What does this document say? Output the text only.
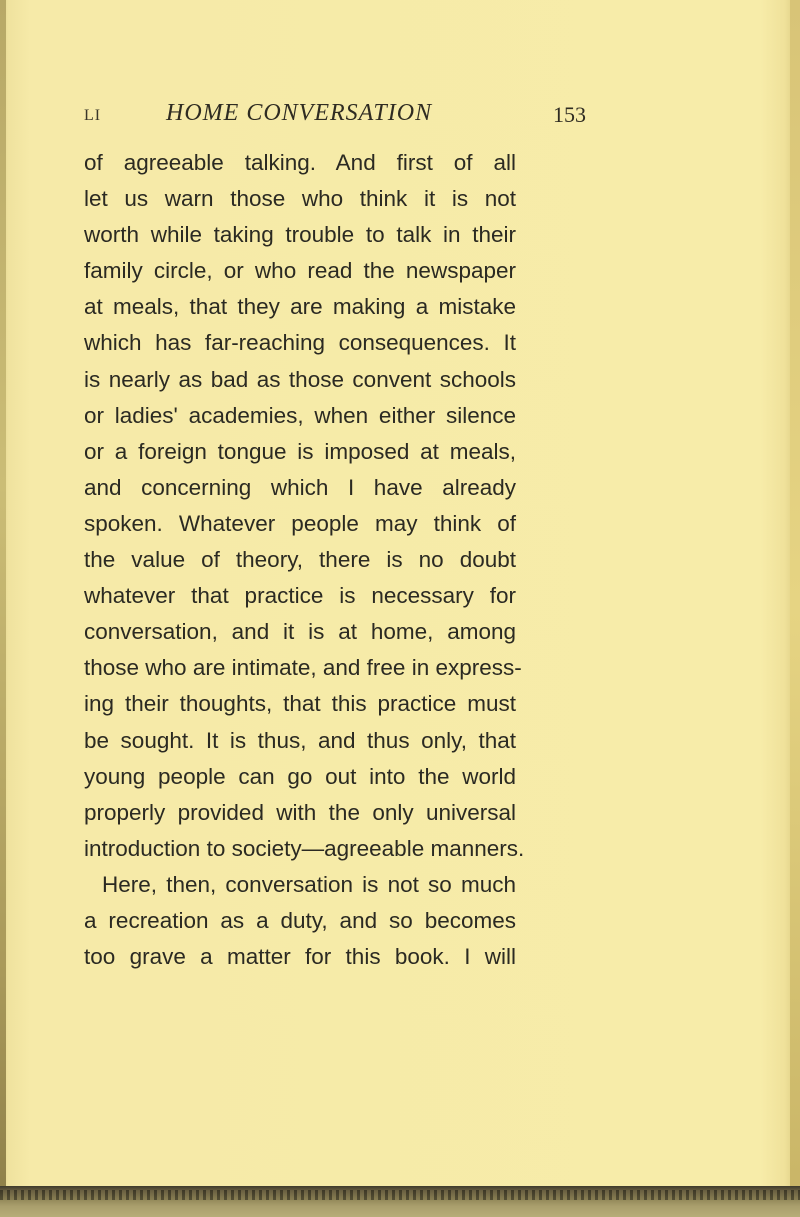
LI	HOME CONVERSATION	153
of agreeable talking. And first of all
let us warn those who think it is not
worth while taking trouble to talk in their
family circle, or who read the newspaper
at meals, that they are making a mistake
which has far-reaching consequences. It
is nearly as bad as those convent schools
or ladies' academies, when either silence
or a foreign tongue is imposed at meals,
and concerning which I have already
spoken. Whatever people may think of
the value of theory, there is no doubt
whatever that practice is necessary for
conversation, and it is at home, among
those who are intimate, and free in express-
ing their thoughts, that this practice must
be sought. It is thus, and thus only, that
young people can go out into the world
properly provided with the only universal
introduction to society—agreeable manners.
Here, then, conversation is not so much
a recreation as a duty, and so becomes
too grave a matter for this book. I will
